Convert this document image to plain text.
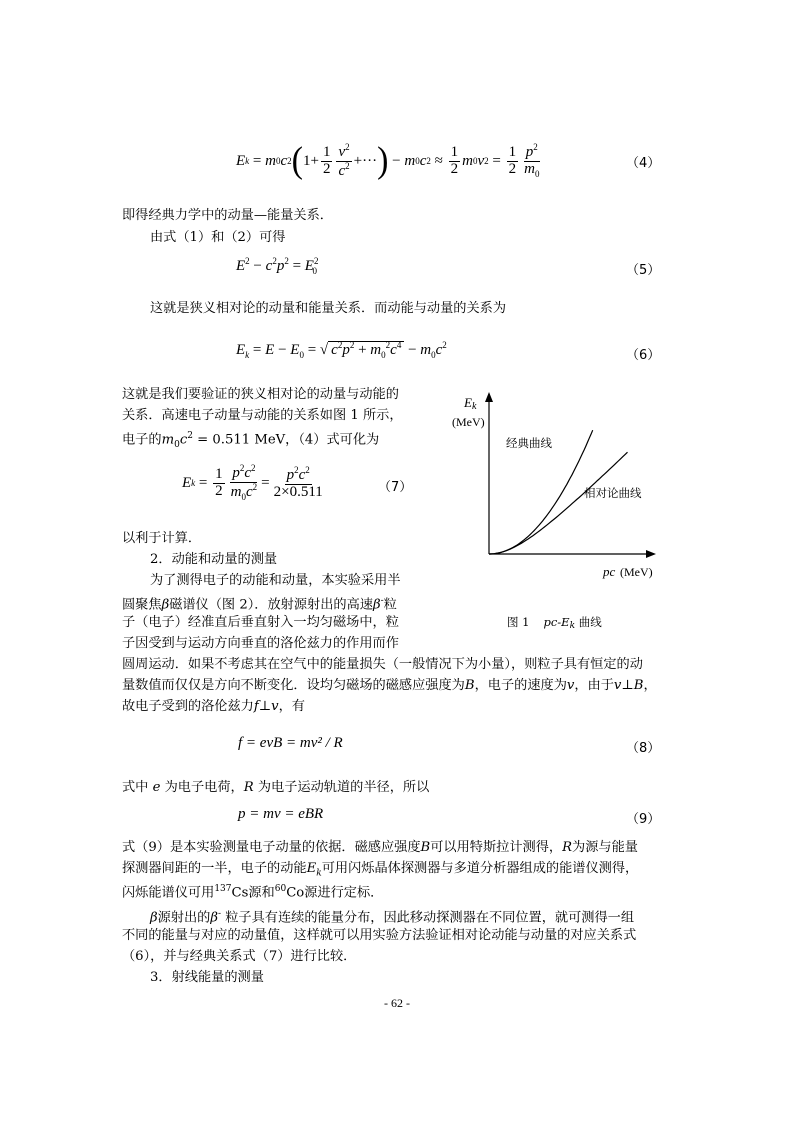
E k = m 0 c 2 ( $1+ \frac{1}{2} \frac{v^2}{c^2}$ +··· ) − m 0 c $2 \approx \frac{1}{2}$ m 0 v $2 = \frac{1}{2} \frac{p^2}{m_0}$	（4）
即得经典力学中的动量—能量关系．
由式（1）和（2）可得
$E^2 - c^2p^2 = E^2_0$	（5）
这就是狭义相对论的动量和能量关系．而动能与动量的关系为
$E_k = E - E_0$ = √ $c^2p^2 + m_0^2c^4 - m_0c^2$
（6）
这就是我们要验证的狭义相对论的动量与动能的
关系．高速电子动量与动能的关系如图 1 所示，
电子的$m_0c^2 = 0.511$ MeV，（4）式可化为
E $k = \frac{1}{2} \frac{p^2c^2}{m_0c^2} = \frac{p^2c^2}{2\times 0.511}$	（7）
以利于计算．
2．动能和动量的测量
为了测得电子的动能和动量，本实验采用半
圆聚焦β磁谱仪（图 2）．放射源射出的高速β-粒
子（电子）经准直后垂直射入一均匀磁场中，粒
子因受到与运动方向垂直的洛伦兹力的作用而作
Ek
(MeV)
经典曲线
相对论曲线
pc (MeV)
图 1 pc-Ek 曲线
圆周运动．如果不考虑其在空气中的能量损失（一般情况下为小量），则粒子具有恒定的动
量数值而仅仅是方向不断变化．设均匀磁场的磁感应强度为B，电子的速度为v，由于v⊥B，
故电子受到的洛伦兹力f⊥v，有
f = evB = mv² / R	（8）
式中 e 为电子电荷，R 为电子运动轨道的半径，所以
p = mv = eBR	（9）
式（9）是本实验测量电子动量的依据．磁感应强度B可以用特斯拉计测得，R为源与能量
探测器间距的一半，电子的动能$E_k$可用闪烁晶体探测器与多道分析器组成的能谱仪测得，
闪烁能谱仪可用$^{137}$Cs源和$^{60}$Co源进行定标．
β源射出的β- 粒子具有连续的能量分布，因此移动探测器在不同位置，就可测得一组
不同的能量与对应的动量值，这样就可以用实验方法验证相对论动能与动量的对应关系式
（6），并与经典关系式（7）进行比较．
3．射线能量的测量
- 62 -
